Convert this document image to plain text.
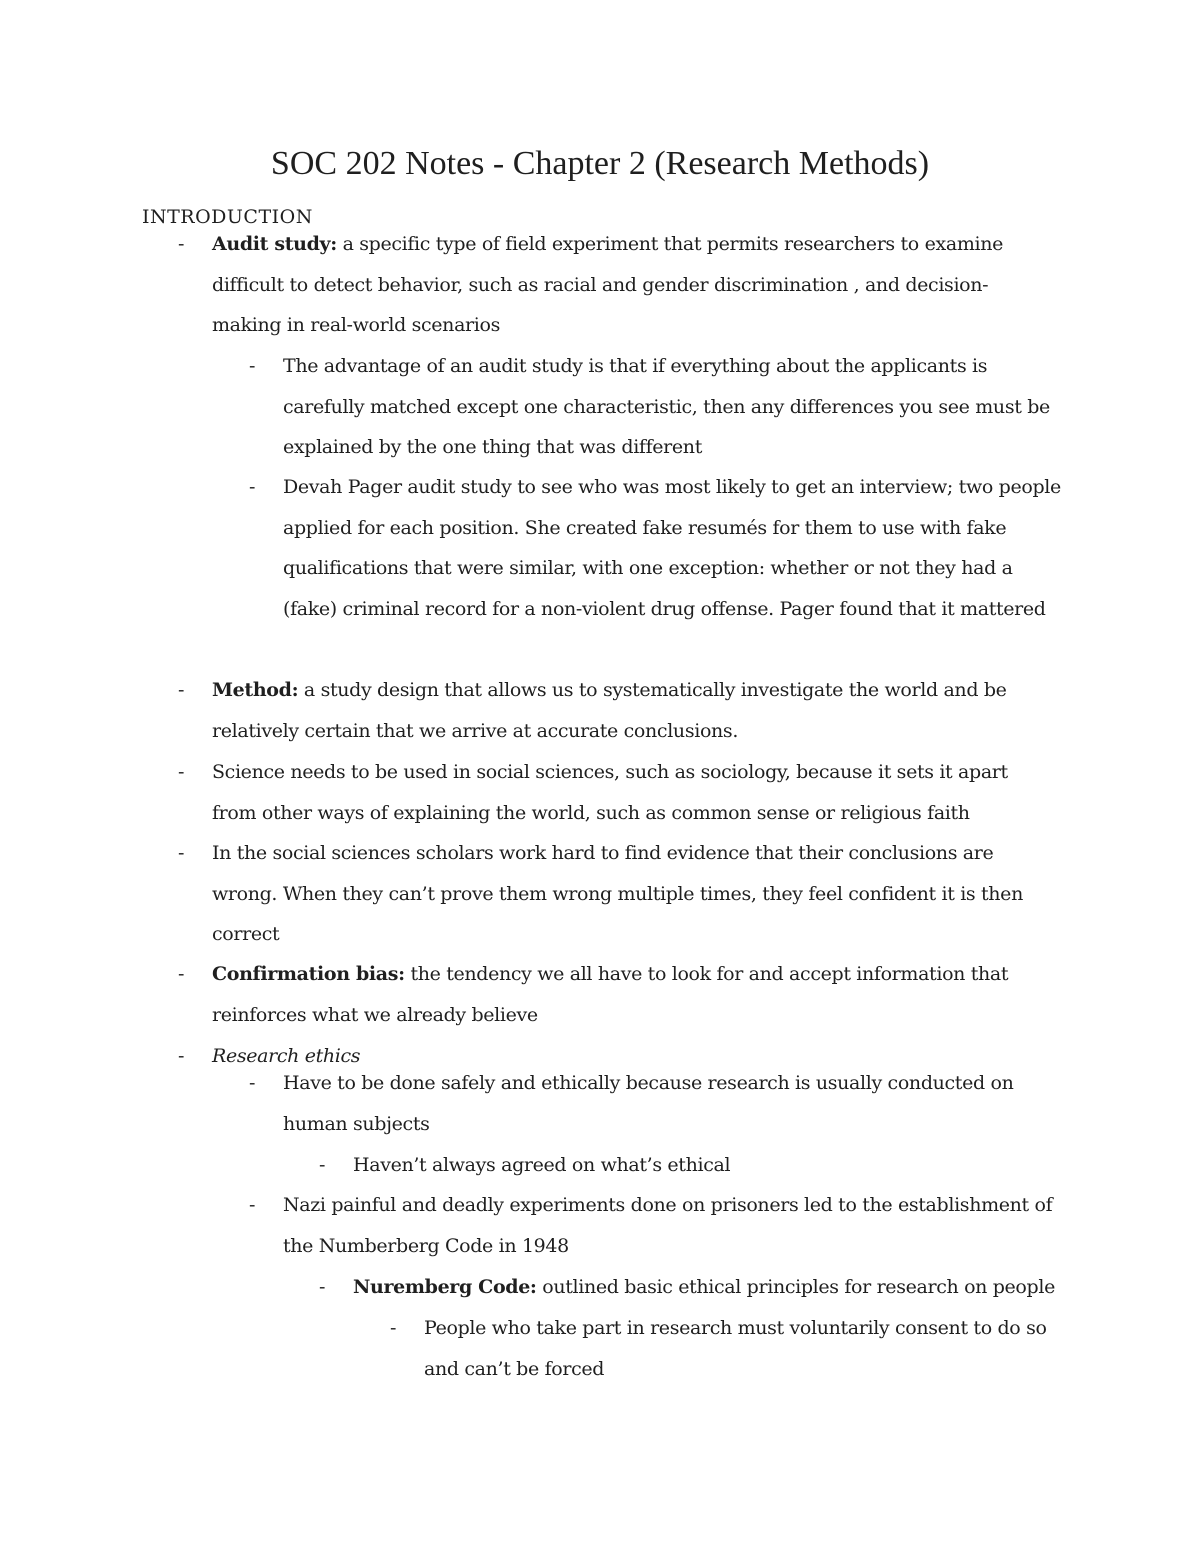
SOC 202 Notes - Chapter 2 (Research Methods)
INTRODUCTION
- Audit study: a specific type of field experiment that permits researchers to examine difficult to detect behavior, such as racial and gender discrimination , and decision-making in real-world scenarios
- The advantage of an audit study is that if everything about the applicants is carefully matched except one characteristic, then any differences you see must be explained by the one thing that was different
- Devah Pager audit study to see who was most likely to get an interview; two people applied for each position. She created fake resumés for them to use with fake qualifications that were similar, with one exception: whether or not they had a (fake) criminal record for a non-violent drug offense. Pager found that it mattered
- Method: a study design that allows us to systematically investigate the world and be relatively certain that we arrive at accurate conclusions.
- Science needs to be used in social sciences, such as sociology, because it sets it apart from other ways of explaining the world, such as common sense or religious faith
- In the social sciences scholars work hard to find evidence that their conclusions are wrong. When they can’t prove them wrong multiple times, they feel confident it is then correct
- Confirmation bias: the tendency we all have to look for and accept information that reinforces what we already believe
- Research ethics
- Have to be done safely and ethically because research is usually conducted on human subjects
- Haven’t always agreed on what’s ethical
- Nazi painful and deadly experiments done on prisoners led to the establishment of the Numberberg Code in 1948
- Nuremberg Code: outlined basic ethical principles for research on people
- People who take part in research must voluntarily consent to do so and can’t be forced
